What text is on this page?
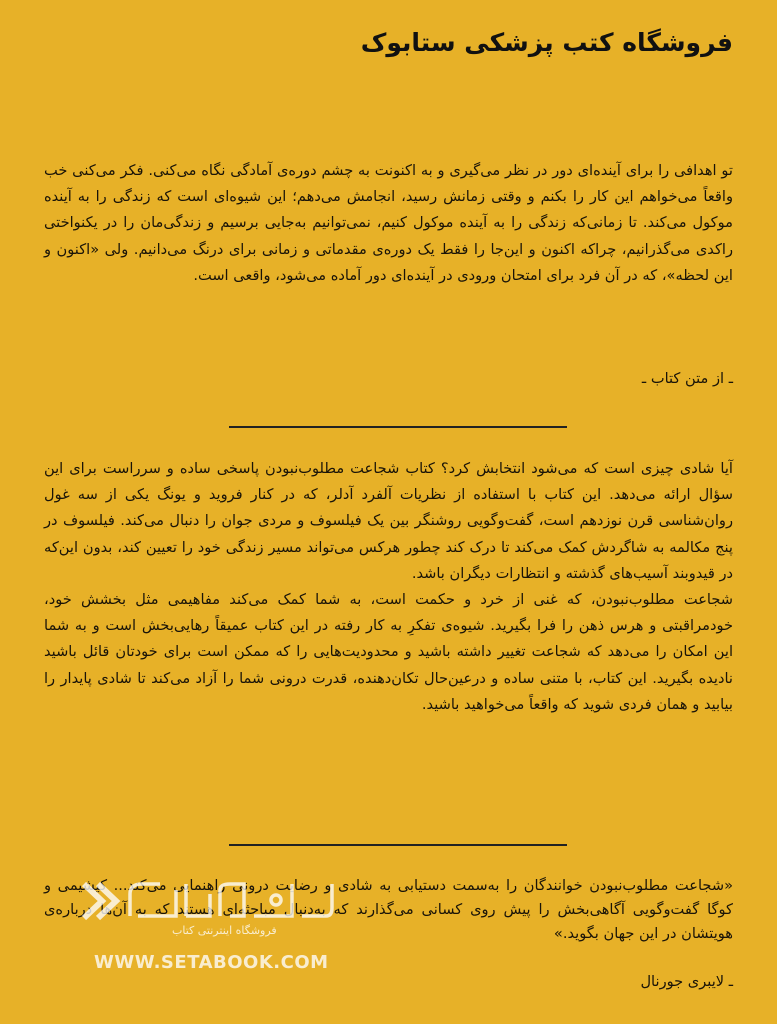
فروشگاه کتب پزشکی ستابوک

تو اهدافی را برای آینده‌ای دور در نظر می‌گیری و به اکنونت به چشم دوره‌ی آمادگی نگاه می‌کنی. فکر می‌کنی خب واقعاً می‌خواهم این کار را بکنم و وقتی زمانش رسید، انجامش می‌دهم؛ این شیوه‌ای است که زندگی را به آینده موکول می‌کند. تا زمانی‌که زندگی را به آینده موکول کنیم، نمی‌توانیم به‌جایی برسیم و زندگی‌مان را در یکنواختی راکدی می‌گذرانیم، چراکه اکنون و این‌جا را فقط یک دوره‌ی مقدماتی و زمانی برای درنگ می‌دانیم. ولی «اکنون و این لحظه»، که در آن فرد برای امتحان ورودی در آینده‌ای دور آماده می‌شود، واقعی است.

ـ از متن کتاب ـ

آیا شادی چیزی است که می‌شود انتخابش کرد؟ کتاب شجاعت مطلوب‌نبودن پاسخی ساده و سرراست برای این سؤال ارائه می‌دهد. این کتاب با استفاده از نظریات آلفرد آدلر، که در کنار فروید و یونگ یکی از سه غول روان‌شناسی قرن نوزدهم است، گفت‌وگویی روشنگر بین یک فیلسوف و مردی جوان را دنبال می‌کند. فیلسوف در پنج مکالمه به شاگردش کمک می‌کند تا درک کند چطور هرکس می‌تواند مسیر زندگی خود را تعیین کند، بدون این‌که در قیدوبند آسیب‌های گذشته و انتظارات دیگران باشد.

شجاعت مطلوب‌نبودن، که غنی از خرد و حکمت است، به شما کمک می‌کند مفاهیمی مثل بخشش خود، خودمراقبتی و هرس ذهن را فرا بگیرید. شیوه‌ی تفکرِ به کار رفته در این کتاب عمیقاً رهایی‌بخش است و به شما این امکان را می‌دهد که شجاعت تغییر داشته باشید و محدودیت‌هایی را که ممکن است برای خودتان قائل باشید نادیده بگیرید. این کتاب، با متنی ساده و درعین‌حال تکان‌دهنده، قدرت درونی شما را آزاد می‌کند تا شادی پایدار را بیابید و همان فردی شوید که واقعاً می‌خواهید باشید.

«شجاعت مطلوب‌نبودن خوانندگان را به‌سمت دستیابی به شادی و رضایت درونی راهنمایی می‌کند... کیشیمی و کوگا گفت‌وگویی آگاهی‌بخش را پیش روی کسانی می‌گذارند که به‌دنبال مباحثه‌ای هستند که به آن‌ها درباره‌ی هویتشان در این جهان بگوید.»

ـ لایبری جورنال
فروشگاه اینترنتی کتاب
WWW.SETABOOK.COM
